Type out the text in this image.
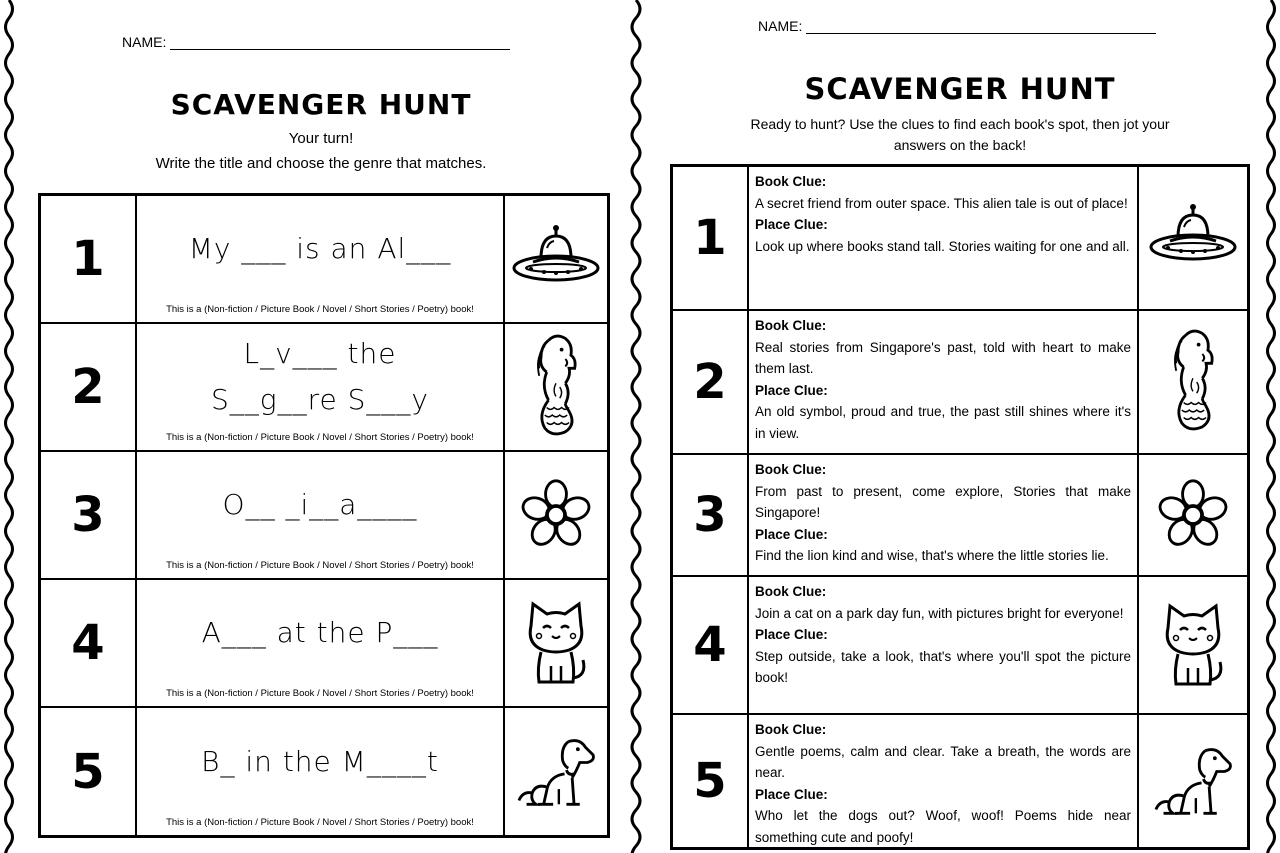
NAME:
SCAVENGER HUNT
Your turn!
Write the title and choose the genre that matches.
1	My ___ is an Al___
This is a (Non-fiction / Picture Book / Novel / Short Stories / Poetry) book!
2
L_v___ the
S__g__re S___y
This is a (Non-fiction / Picture Book / Novel / Short Stories / Poetry) book!
3	O__ _i__a____
This is a (Non-fiction / Picture Book / Novel / Short Stories / Poetry) book!
4	A___ at the P___
This is a (Non-fiction / Picture Book / Novel / Short Stories / Poetry) book!
5	B_ in the M____t
This is a (Non-fiction / Picture Book / Novel / Short Stories / Poetry) book!
NAME:
SCAVENGER HUNT
Ready to hunt? Use the clues to find each book's spot, then jot your
answers on the back!
1
Book Clue:
A secret friend from outer space. This alien tale is out of place!
Place Clue:
Look up where books stand tall. Stories waiting for one and all.
2
Book Clue:
Real stories from Singapore's past, told with heart to make them last.
Place Clue:
An old symbol, proud and true, the past still shines where it's in view.
3
Book Clue:
From past to present, come explore, Stories that make Singapore!
Place Clue:
Find the lion kind and wise, that's where the little stories lie.
4
Book Clue:
Join a cat on a park day fun, with pictures bright for everyone!
Place Clue:
Step outside, take a look, that's where you'll spot the picture book!
5
Book Clue:
Gentle poems, calm and clear. Take a breath, the words are near.
Place Clue:
Who let the dogs out? Woof, woof! Poems hide near something cute and poofy!
